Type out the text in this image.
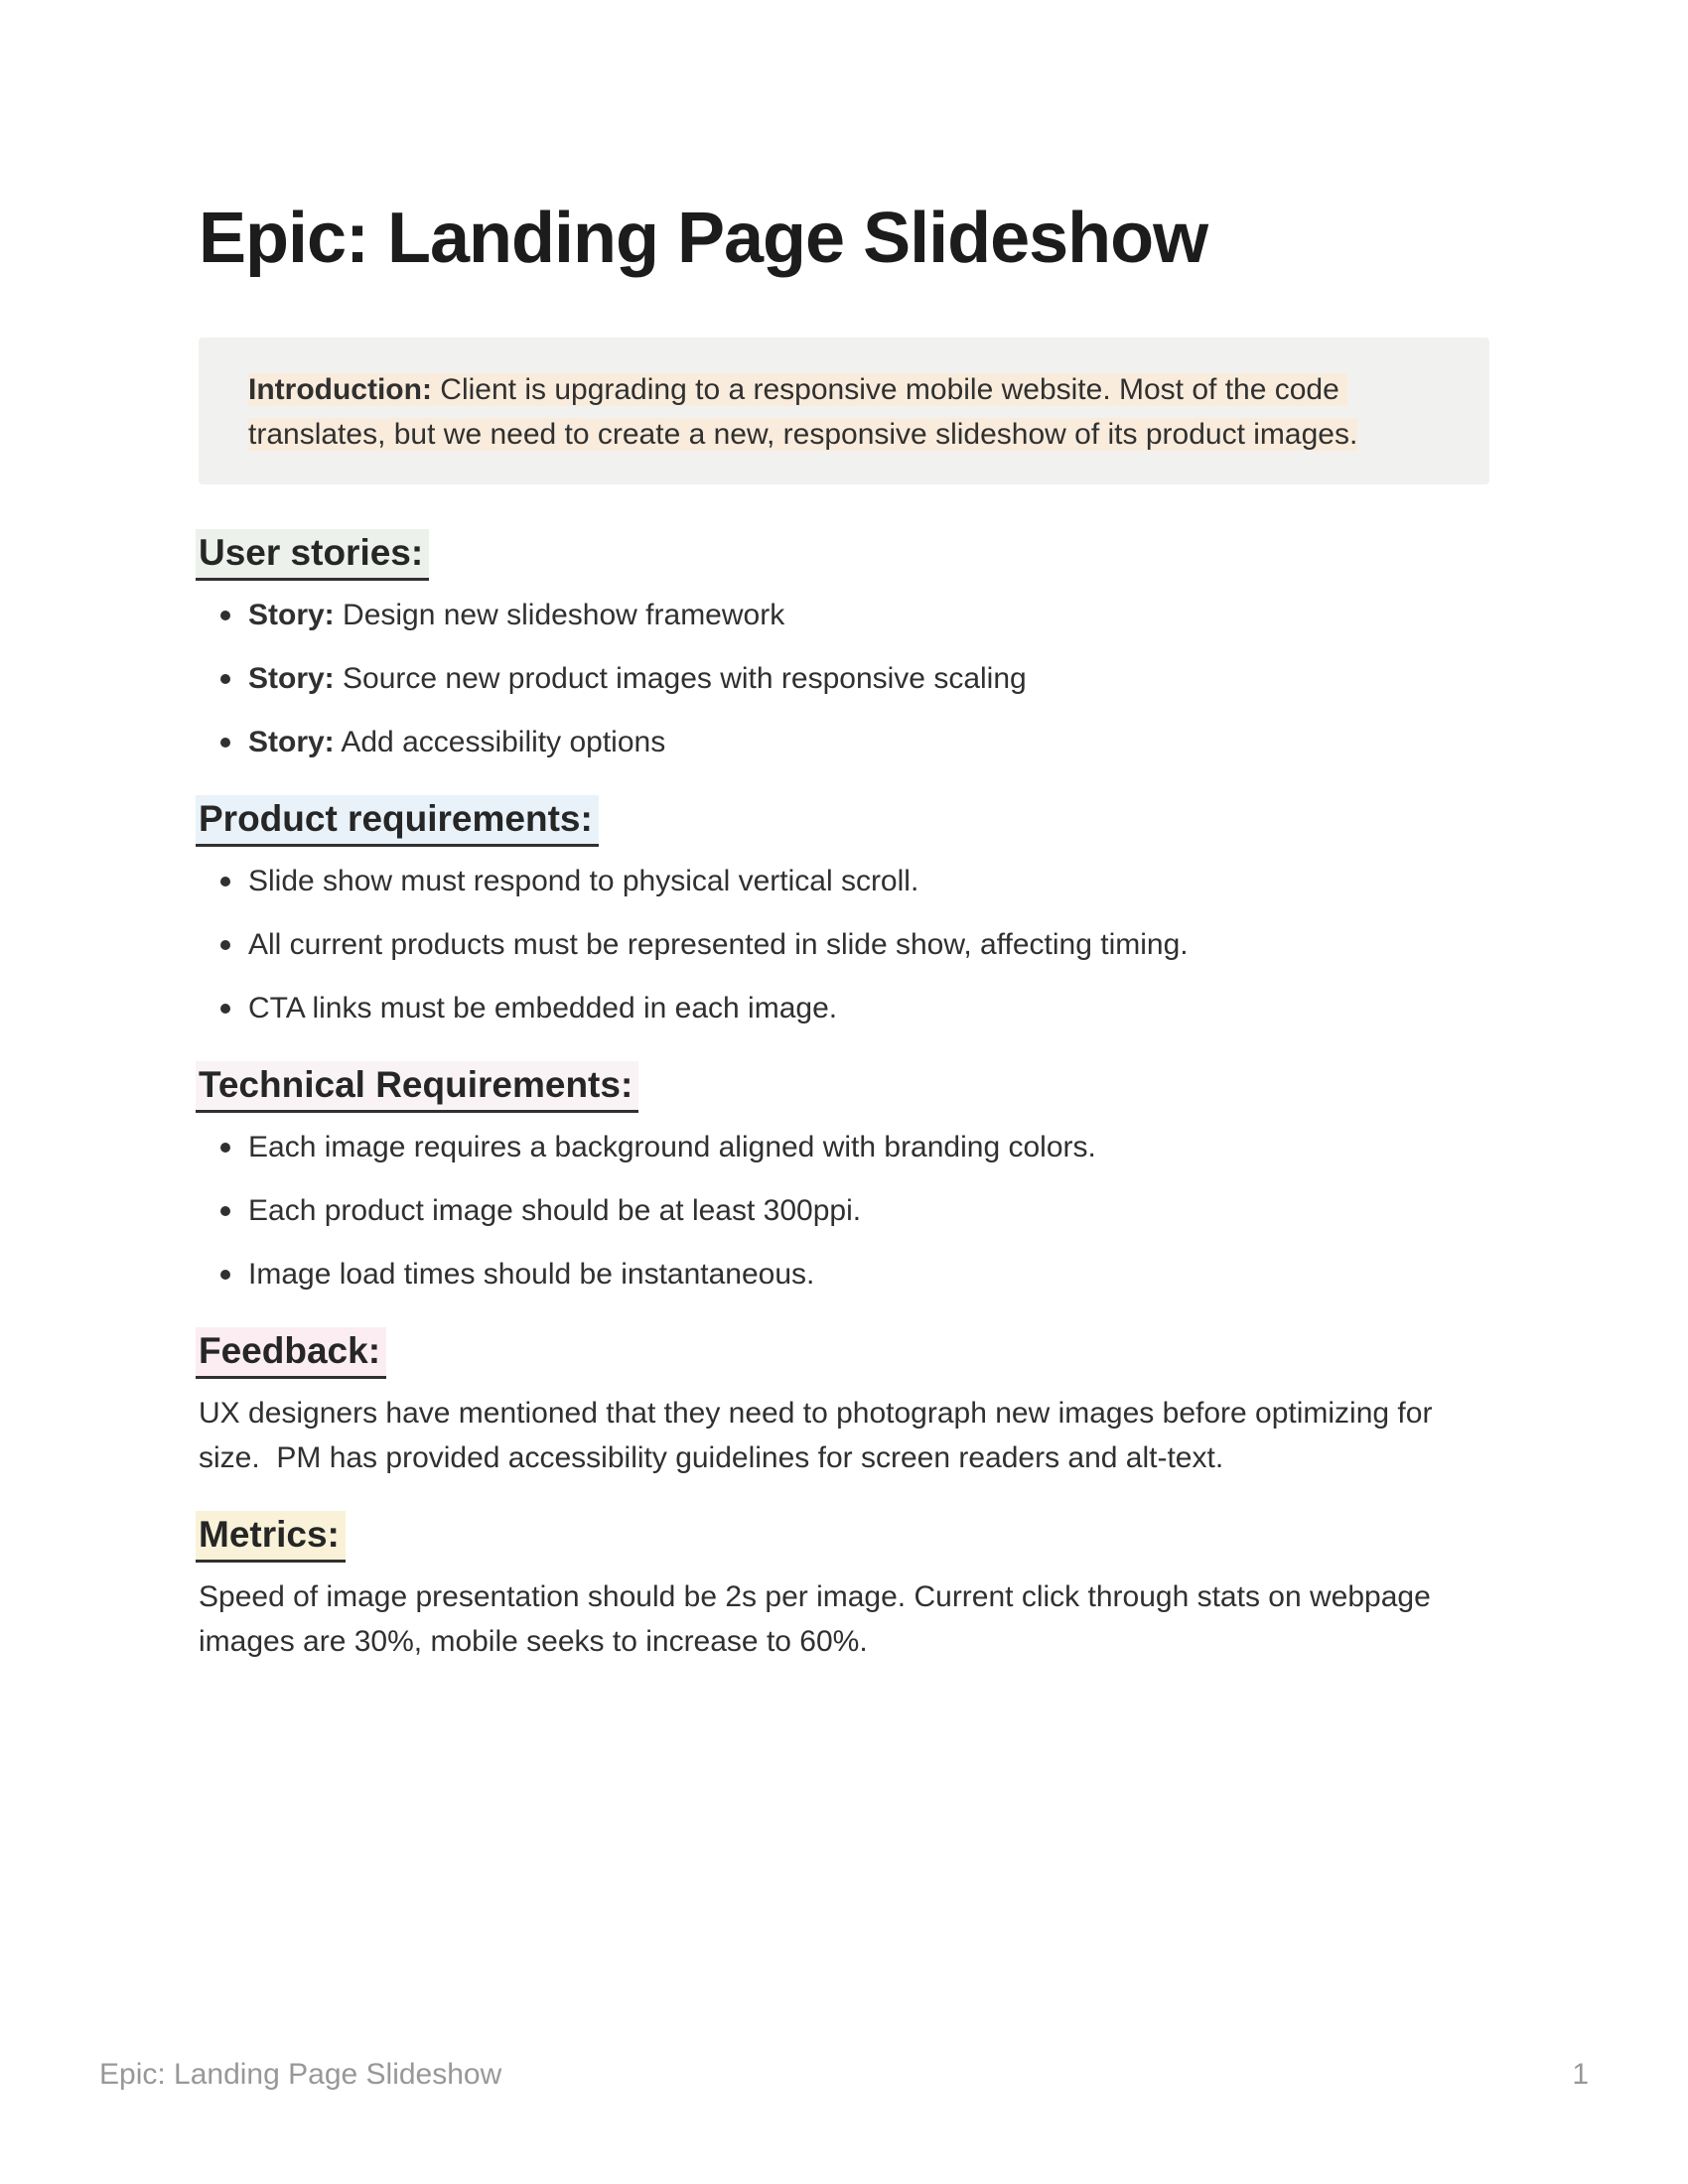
Epic: Landing Page Slideshow
Introduction: Client is upgrading to a responsive mobile website. Most of the code translates, but we need to create a new, responsive slideshow of its product images.
User stories:
Story: Design new slideshow framework
Story: Source new product images with responsive scaling
Story: Add accessibility options
Product requirements:
Slide show must respond to physical vertical scroll.
All current products must be represented in slide show, affecting timing.
CTA links must be embedded in each image.
Technical Requirements:
Each image requires a background aligned with branding colors.
Each product image should be at least 300ppi.
Image load times should be instantaneous.
Feedback:

UX designers have mentioned that they need to photograph new images before optimizing for size.  PM has provided accessibility guidelines for screen readers and alt-text.

Metrics:

Speed of image presentation should be 2s per image. Current click through stats on webpage images are 30%, mobile seeks to increase to 60%.

Epic: Landing Page Slideshow	1
